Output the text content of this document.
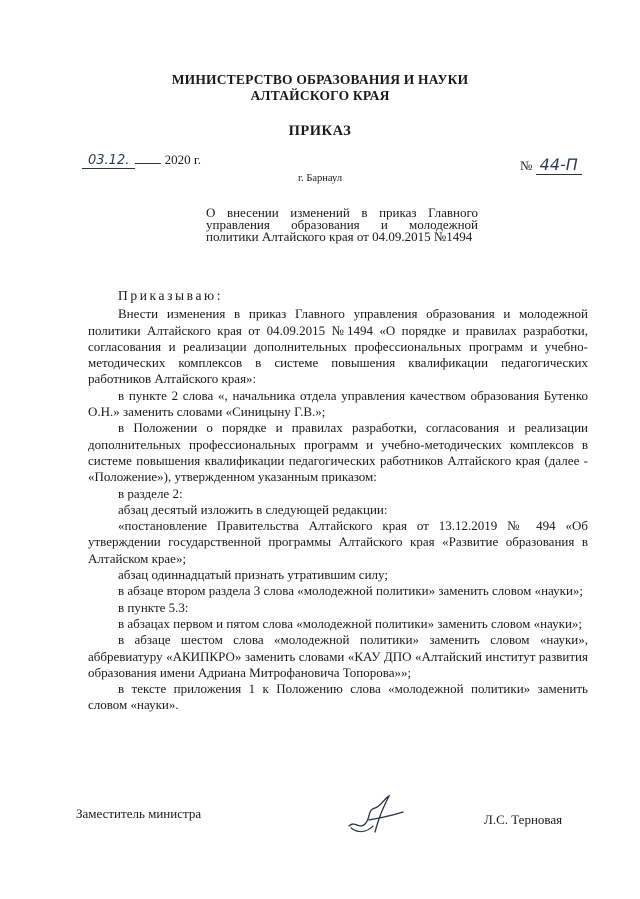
МИНИСТЕРСТВО ОБРАЗОВАНИЯ И НАУКИ
АЛТАЙСКОГО КРАЯ
ПРИКАЗ
03.12.	2020 г.
г. Барнаул
№ 44-П
О внесении изменений в приказ Главного управления образования и молодежной политики Алтайского края от 04.09.2015 №1494

Приказываю:

Внести изменения в приказ Главного управления образования и молодежной политики Алтайского края от 04.09.2015 №1494 «О порядке и правилах разработки, согласования и реализации дополнительных профессиональных программ и учебно-методических комплексов в системе повышения квалификации педагогических работников Алтайского края»:

в пункте 2 слова «, начальника отдела управления качеством образования Бутенко О.Н.» заменить словами «Синицыну Г.В.»;

в Положении о порядке и правилах разработки, согласования и реализации дополнительных профессиональных программ и учебно-методических комплексов в системе повышения квалификации педагогических работников Алтайского края (далее - «Положение»), утвержденном указанным приказом:

в разделе 2:

абзац десятый изложить в следующей редакции:

«постановление Правительства Алтайского края от 13.12.2019 № 494 «Об утверждении государственной программы Алтайского края «Развитие образования в Алтайском крае»;

абзац одиннадцатый признать утратившим силу;

в абзаце втором раздела 3 слова «молодежной политики» заменить словом «науки»;

в пункте 5.3:

в абзацах первом и пятом слова «молодежной политики» заменить словом «науки»;

в абзаце шестом слова «молодежной политики» заменить словом «науки», аббревиатуру «АКИПКРО» заменить словами «КАУ ДПО «Алтайский институт развития образования имени Адриана Митрофановича Топорова»»;

в тексте приложения 1 к Положению слова «молодежной политики» заменить словом «науки».

Заместитель министра	Л.С. Терновая
